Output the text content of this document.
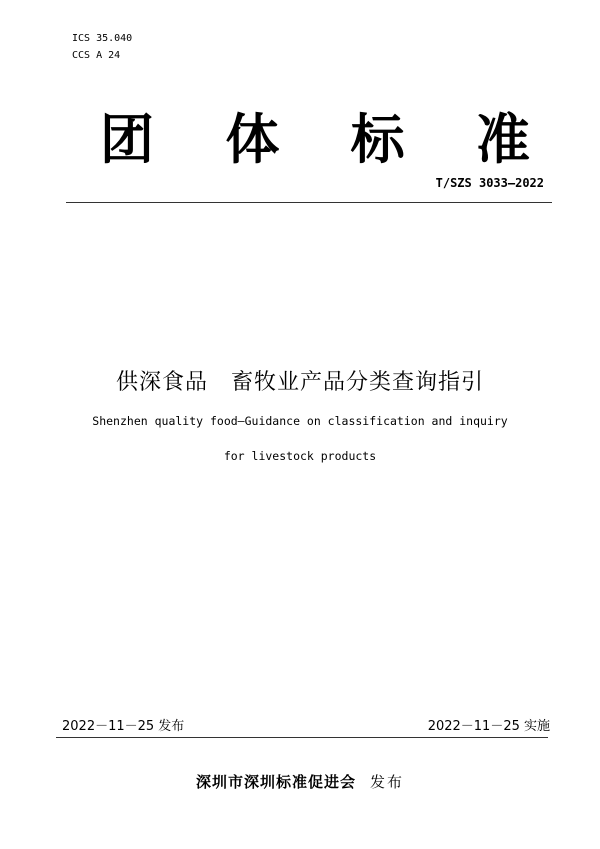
ICS 35.040
CCS A 24
团 体 标 准
T/SZS 3033—2022
供深食品　畜牧业产品分类查询指引
Shenzhen quality food—Guidance on classification and inquiry
for livestock products
2022－11－25 发布	2022－11－25 实施
深圳市深圳标准促进会 发布
